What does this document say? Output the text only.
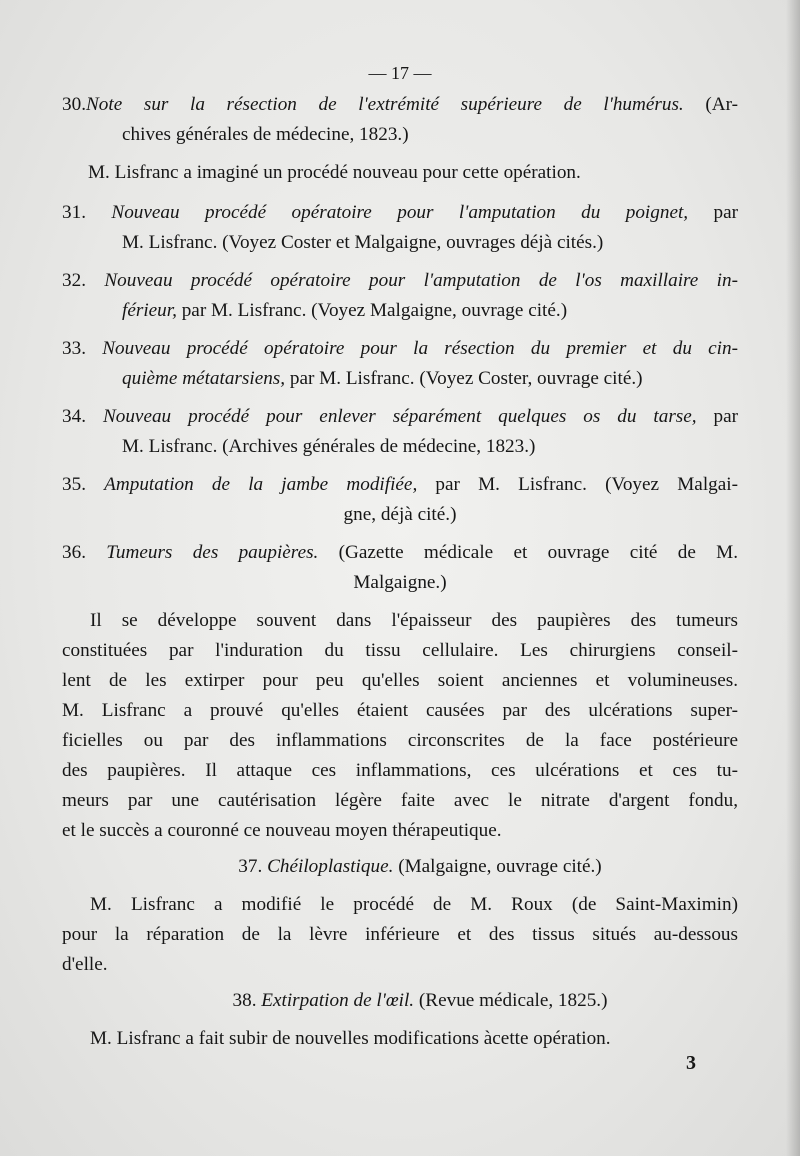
— 17 —
30.Note sur la résection de l'extrémité supérieure de l'humérus. (Ar-
chives générales de médecine, 1823.)
M. Lisfranc a imaginé un procédé nouveau pour cette opération.
31. Nouveau procédé opératoire pour l'amputation du poignet, par
M. Lisfranc. (Voyez Coster et Malgaigne, ouvrages déjà cités.)
32. Nouveau procédé opératoire pour l'amputation de l'os maxillaire in-
férieur, par M. Lisfranc. (Voyez Malgaigne, ouvrage cité.)
33. Nouveau procédé opératoire pour la résection du premier et du cin-
quième métatarsiens, par M. Lisfranc. (Voyez Coster, ouvrage cité.)
34. Nouveau procédé pour enlever séparément quelques os du tarse, par
M. Lisfranc. (Archives générales de médecine, 1823.)
35. Amputation de la jambe modifiée, par M. Lisfranc. (Voyez Malgai-
gne, déjà cité.)
36. Tumeurs des paupières. (Gazette médicale et ouvrage cité de M.
Malgaigne.)
Il se développe souvent dans l'épaisseur des paupières des tumeurs
constituées par l'induration du tissu cellulaire. Les chirurgiens conseil-
lent de les extirper pour peu qu'elles soient anciennes et volumineuses.
M. Lisfranc a prouvé qu'elles étaient causées par des ulcérations super-
ficielles ou par des inflammations circonscrites de la face postérieure
des paupières. Il attaque ces inflammations, ces ulcérations et ces tu-
meurs par une cautérisation légère faite avec le nitrate d'argent fondu,
et le succès a couronné ce nouveau moyen thérapeutique.
37. Chéiloplastique. (Malgaigne, ouvrage cité.)
M. Lisfranc a modifié le procédé de M. Roux (de Saint-Maximin)
pour la réparation de la lèvre inférieure et des tissus situés au-dessous
d'elle.
38. Extirpation de l'œil. (Revue médicale, 1825.)
M. Lisfranc a fait subir de nouvelles modifications àcette opération.
3
